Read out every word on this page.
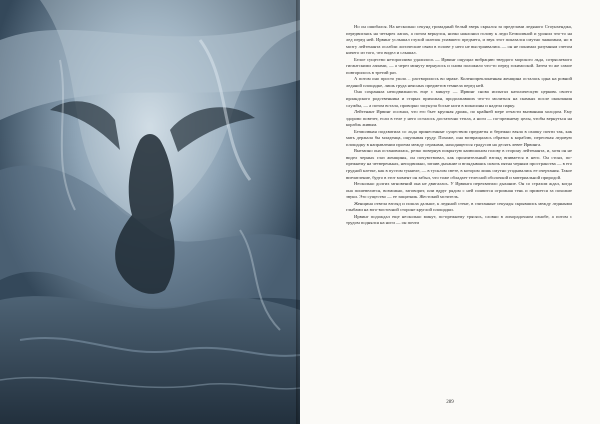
Но он ошибался. На несколько секунд громадный белый зверь скрылся за пределами ледяного Стоунхенджа, передвигаясь на четырех лапах, а потом вернулся, низко наклонил голову к леди Безмолвной и уронил что-то на лед перед ней. Ирвинг услышал глухой шлепок упавшего предмета, и звук этот показался смутно знакомым, но в мозгу лейтенанта ослабли логические связи в голове у него не выстраивались — он не понимал разумным счетом ничего из того, что видел и слышал.

Белое существо неторопливо удалилось — Ирвинг ощущал вибрацию твердого морского льда, сотрясаемого гигантскими лапами, — а через минуту вернулось и снова положило что-то перед эскимоской. Затем то же самое повторилось в третий раз.

А потом оно просто ушло… растворилось во мраке. Коленопреклоненная женщина осталась одна на ровной ледяной площадке, лишь груда неясных предметов темнела перед ней.

Она сохраняла неподвижность еще с минуту — Ирвинг снова испытал католическую церковь своего ирландского родственника и старых прихожан, продолжавших что-то молиться на скамьях после окончания службы, — а потом встала, проворно засунула босые ноги в мокасины и надела парку.

Лейтенант Ирвинг осознал, что его бьет крупная дрожь, по крайней мере отчасти вызванная холодом. Ему здорово повезет, если в теле у него осталось достаточно тепла, а ноги — по-прежнему целы, чтобы вернуться на корабль живым.

Безмолвная подхватила со льда принесенные существом предметы и бережно взяла в охапку почти так, как мать держала бы младенца, ощупывая груду. Похоже, она возвращалась обратно к кораблю, пересекая ледовую площадку в направлении проема между сераками, находящегося градусов на десять левее Ирвинга.

Внезапно она остановилась, резко повернув покрытую капюшоном голову в сторону лейтенанта, и, хотя он не видел черных глаз женщины, он почувствовал, как пронзительный взгляд впивается в него. Он стоял, по-прежнему на четвереньках, неподвижно, затаив дыхание и вглядываясь сквозь пятна черным пространства — в его грудной клетке, как в пустом туннеле, — в тусклом свете, в котором лишь смутно угадывались ее очертания. Такое впечатление, будто в этот момент он забыл, что тоже обладает телесной оболочкой и материальной природой.

Несколько долгих мгновений она не двигалась. У Ирвинга перехватило дыхание. Он со страхом ждал, когда она пошевелится, возможно, заговорит, или вдруг рядом с ней появится огромная тень и примется за похожие звуки. Это существо — ее защитник. Жестокий мститель.

Женщина отвела взгляд и пошла дальше, к ледяной стене, в считанные секунды скрывшись между ледяными глыбами на юго-восточной стороне круглой площадки.

Ирвинг подождал еще несколько минут, по-прежнему трясясь, словно в лихорадочном ознобе, а потом с трудом поднялся на ноги — он почти

289
